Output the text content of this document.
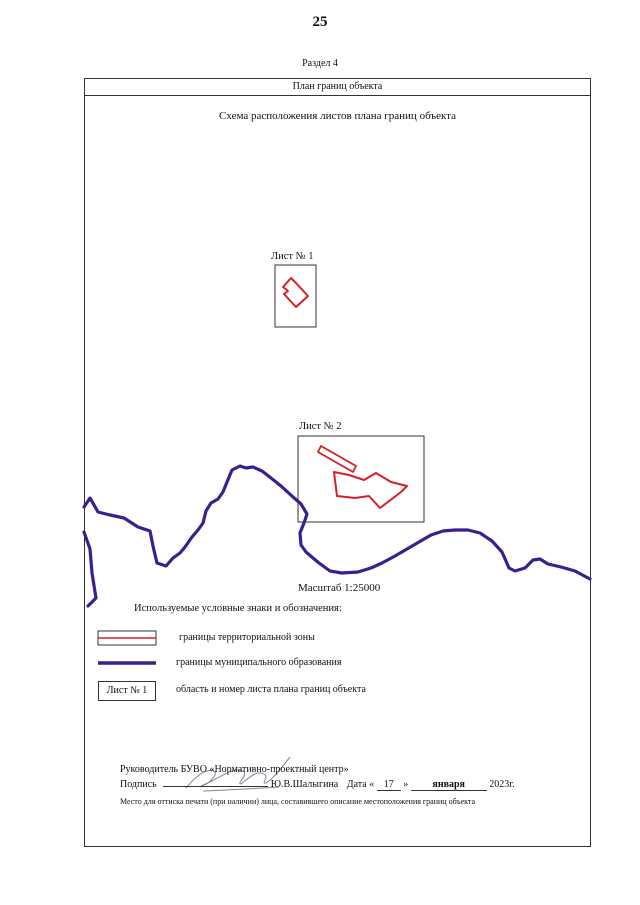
25
Раздел 4
План границ объекта
Схема расположения листов плана границ объекта
Лист № 1
Лист № 2
Масштаб 1:25000
Используемые условные знаки и обозначения:
границы территориальной зоны
границы муниципального образования
Лист № 1	область и номер листа плана границ объекта
Руководитель БУВО «Нормативно-проектный центр»
Подпись	Ю.В.Шалыгина Дата « 17 » января 2023г.
Место для оттиска печати (при наличии) лица, составившего описание местоположения границ объекта
